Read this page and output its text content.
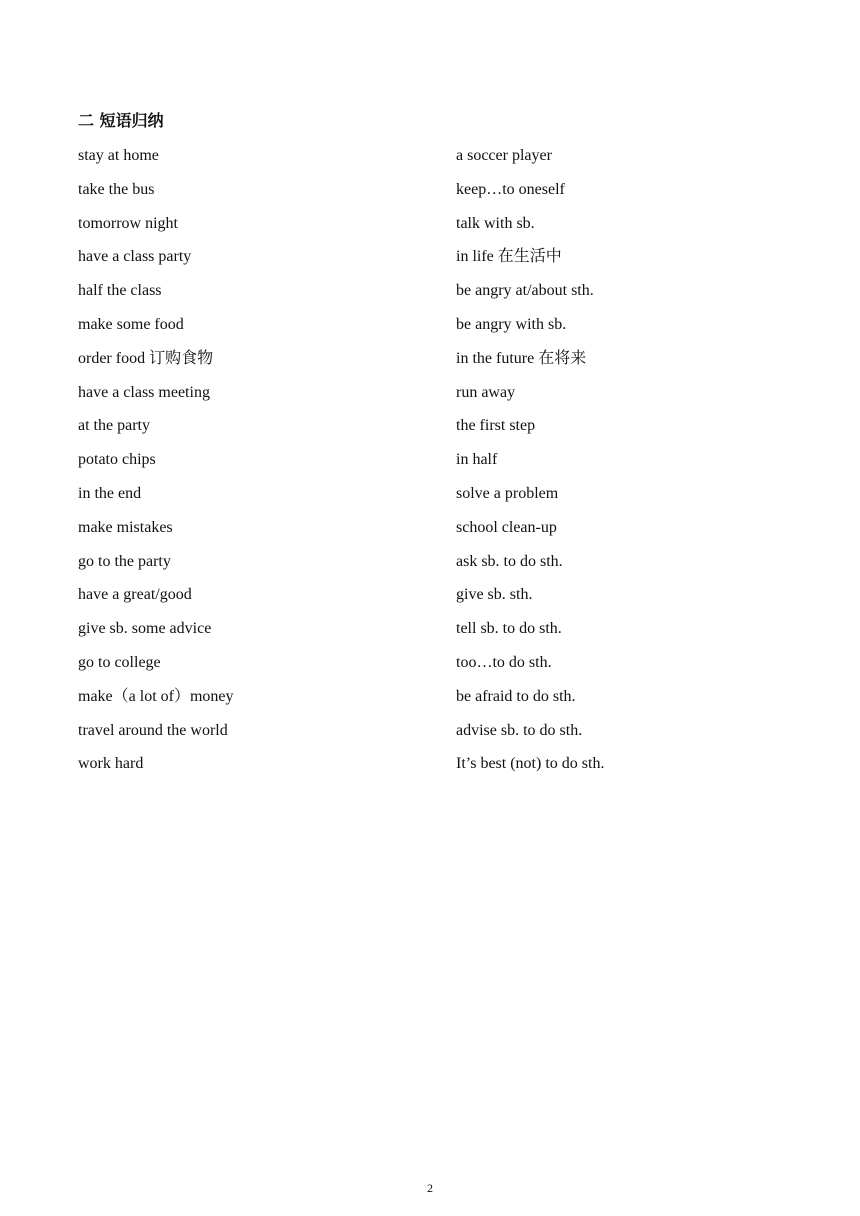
二 短语归纳
stay at home	a soccer player
take the bus	keep…to oneself
tomorrow night	talk with sb.
have a class party	in life 在生活中
half the class	be angry at/about sth.
make some food	be angry with sb.
order food 订购食物	in the future 在将来
have a class meeting	run away
at the party	the first step
potato chips	in half
in the end	solve a problem
make mistakes	school clean-up
go to the party	ask sb. to do sth.
have a great/good	give sb. sth.
give sb. some advice	tell sb. to do sth.
go to college	too…to do sth.
make（a lot of）money	be afraid to do sth.
travel around the world	advise sb. to do sth.
work hard	It’s best (not) to do sth.
2
